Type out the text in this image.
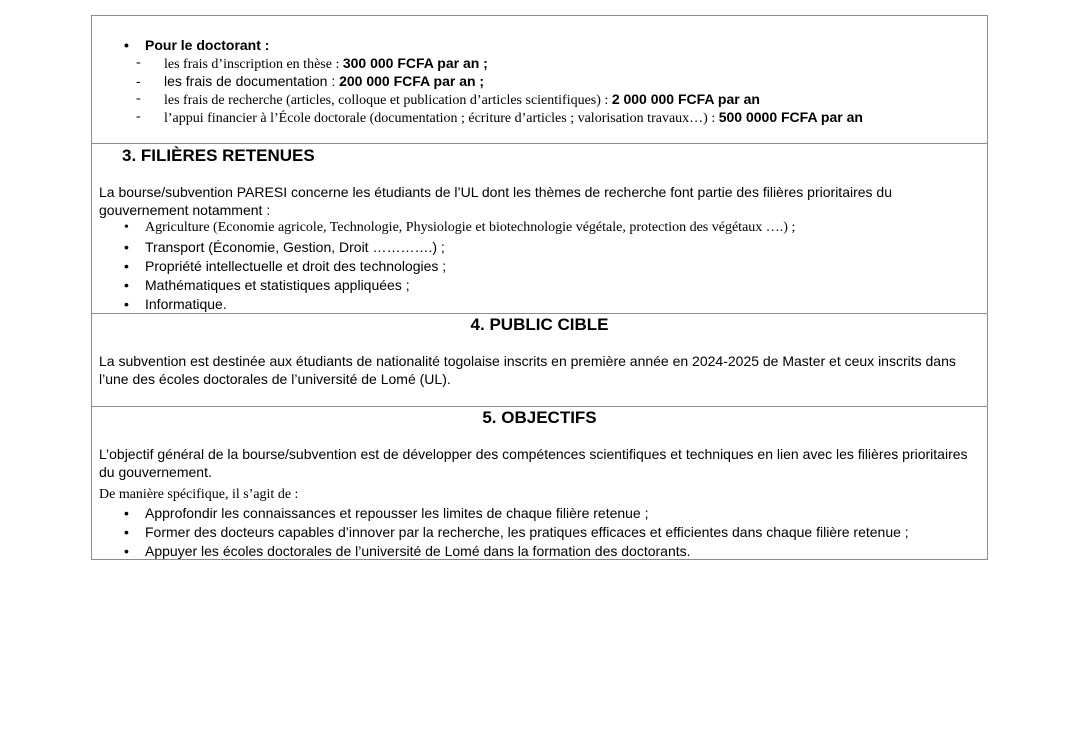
• Pour le doctorant :
- les frais d’inscription en thèse : 300 000 FCFA par an ;
- les frais de documentation : 200 000 FCFA par an ;
- les frais de recherche (articles, colloque et publication d’articles scientifiques) : 2 000 000 FCFA par an
- l’appui financier à l’École doctorale (documentation ; écriture d’articles ; valorisation travaux…) : 500 0000 FCFA par an
3. FILIÈRES RETENUES
La bourse/subvention PARESI concerne les étudiants de l’UL dont les thèmes de recherche font partie des filières prioritaires du gouvernement notamment :
• Agriculture (Economie agricole, Technologie, Physiologie et biotechnologie végétale, protection des végétaux ….) ;
• Transport (Économie, Gestion, Droit ………….) ;
• Propriété intellectuelle et droit des technologies ;
• Mathématiques et statistiques appliquées ;
• Informatique.
4. PUBLIC CIBLE
La subvention est destinée aux étudiants de nationalité togolaise inscrits en première année en 2024-2025 de Master et ceux inscrits dans l’une des écoles doctorales de l’université de Lomé (UL).
5. OBJECTIFS
L’objectif général de la bourse/subvention est de développer des compétences scientifiques et techniques en lien avec les filières prioritaires du gouvernement.
De manière spécifique, il s’agit de :
• Approfondir les connaissances et repousser les limites de chaque filière retenue ;
• Former des docteurs capables d’innover par la recherche, les pratiques efficaces et efficientes dans chaque filière retenue ;
• Appuyer les écoles doctorales de l’université de Lomé dans la formation des doctorants.
